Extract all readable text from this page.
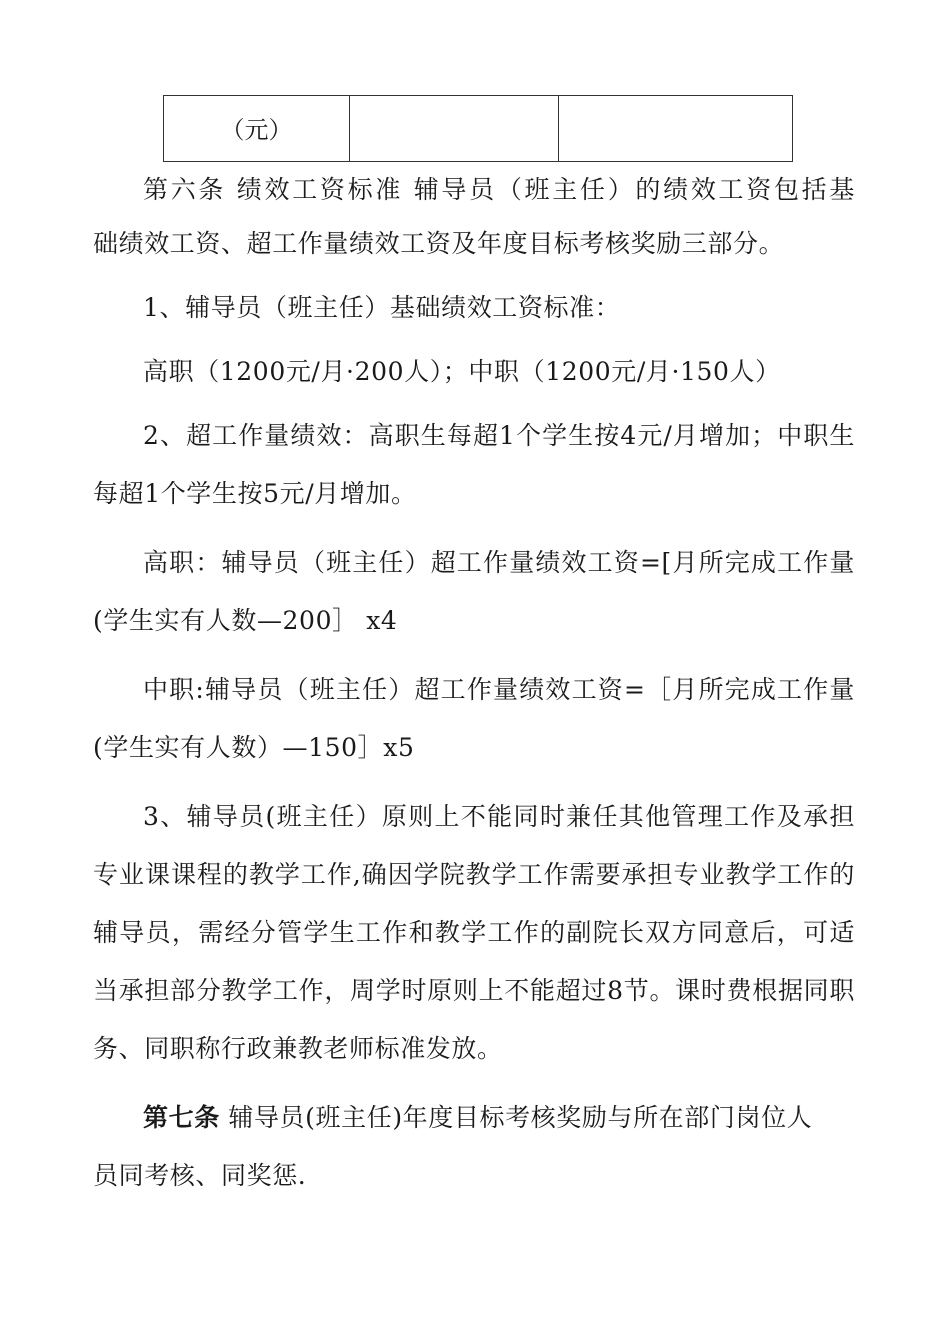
（元）		
第六条 绩效工资标准 辅导员（班主任）的绩效工资包括基
础绩效工资、超工作量绩效工资及年度目标考核奖励三部分。
1、辅导员（班主任）基础绩效工资标准：
高职（1200元/月·200人）；中职（1200元/月·150人）
2、超工作量绩效：高职生每超1个学生按4元/月增加；中职生
每超1个学生按5元/月增加。
高职：辅导员（班主任）超工作量绩效工资=[月所完成工作量
(学生实有人数—200］ x4
中职:辅导员（班主任）超工作量绩效工资=［月所完成工作量
(学生实有人数）—150］x5
3、辅导员(班主任）原则上不能同时兼任其他管理工作及承担
专业课课程的教学工作,确因学院教学工作需要承担专业教学工作的
辅导员，需经分管学生工作和教学工作的副院长双方同意后，可适
当承担部分教学工作，周学时原则上不能超过8节。课时费根据同职
务、同职称行政兼教老师标准发放。
第七条 辅导员(班主任)年度目标考核奖励与所在部门岗位人
员同考核、同奖惩.
